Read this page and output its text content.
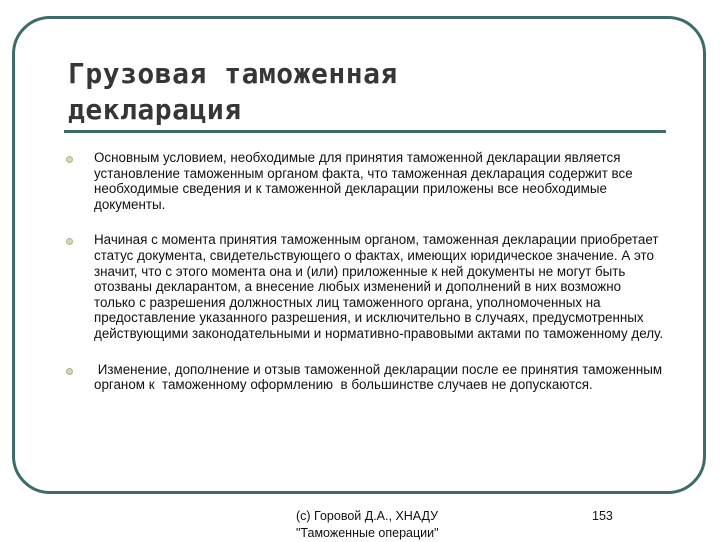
Грузовая таможенная
декларация
Основным условием, необходимые для принятия таможенной декларации является установление таможенным органом факта, что таможенная декларация содержит все необходимые сведения и к таможенной декларации приложены все необходимые документы.
Начиная с момента принятия таможенным органом, таможенная декларации приобретает статус документа, свидетельствующего о фактах, имеющих юридическое значение. А это значит, что с этого момента она и (или) приложенные к ней документы не могут быть отозваны декларантом, а внесение любых изменений и дополнений в них возможно только с разрешения должностных лиц таможенного органа, уполномоченных на предоставление указанного разрешения, и исключительно в случаях, предусмотренных действующими законодательными и нормативно-правовыми актами по таможенному делу.
Изменение, дополнение и отзыв таможенной декларации после ее принятия таможенным органом к  таможенному оформлению  в большинстве случаев не допускаются.
(c) Горовой Д.А., ХНАДУ
"Таможенные операции"
153
